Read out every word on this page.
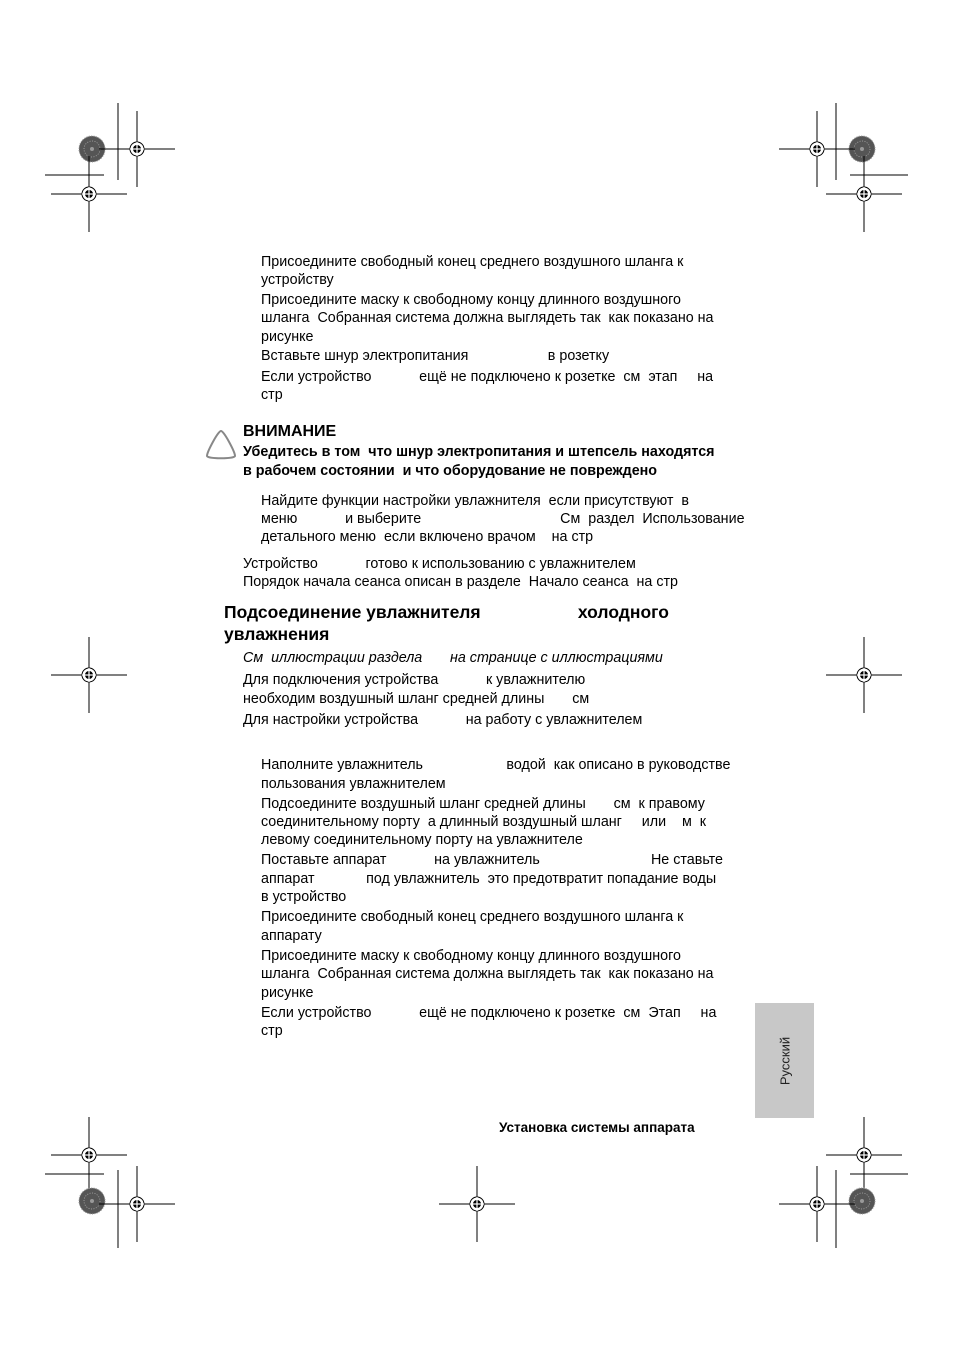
Присоедините свободный конец среднего воздушного шланга к
устройству
Присоедините маску к свободному концу длинного воздушного
шланга  Собранная система должна выглядеть так  как показано на
рисунке
Вставьте шнур электропитания                    в розетку
Если устройство            ещё не подключено к розетке  см  этап     на
стр
ВНИМАНИЕ
Убедитесь в том  что шнур электропитания и штепсель находятся
в рабочем состоянии  и что оборудование не повреждено
Найдите функции настройки увлажнителя  если присутствуют  в
меню            и выберите                                   См  раздел  Использование
детального меню  если включено врачом    на стр
Устройство            готово к использованию с увлажнителем
Порядок начала сеанса описан в разделе  Начало сеанса  на стр
Подсоединение увлажнителя                    холодного
увлажнения
См  иллюстрации раздела       на странице с иллюстрациями
Для подключения устройства            к увлажнителю
необходим воздушный шланг средней длины       см
Для настройки устройства            на работу с увлажнителем
Наполните увлажнитель                     водой  как описано в руководстве
пользования увлажнителем
Подсоедините воздушный шланг средней длины       см  к правому
соединительному порту  а длинный воздушный шланг     или    м  к
левому соединительному порту на увлажнителе
Поставьте аппарат            на увлажнитель                            Не ставьте
аппарат             под увлажнитель  это предотвратит попадание воды
в устройство
Присоедините свободный конец среднего воздушного шланга к
аппарату
Присоедините маску к свободному концу длинного воздушного
шланга  Собранная система должна выглядеть так  как показано на
рисунке
Если устройство            ещё не подключено к розетке  см  Этап     на
стр
Русский
Установка системы аппарата
